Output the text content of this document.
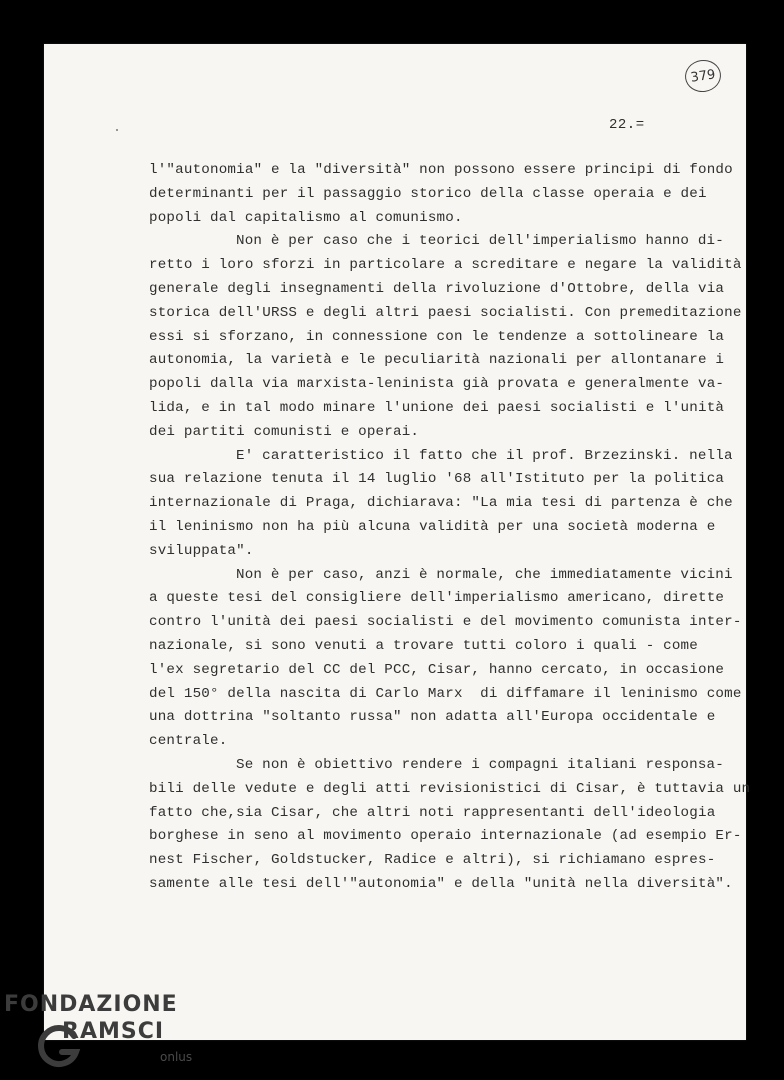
379
22.=
l'"autonomia" e la "diversità" non possono essere principi di fondo
determinanti per il passaggio storico della classe operaia e dei
popoli dal capitalismo al comunismo.
Non è per caso che i teorici dell'imperialismo hanno di-
retto i loro sforzi in particolare a screditare e negare la validità
generale degli insegnamenti della rivoluzione d'Ottobre, della via
storica dell'URSS e degli altri paesi socialisti. Con premeditazione
essi si sforzano, in connessione con le tendenze a sottolineare la
autonomia, la varietà e le peculiarità nazionali per allontanare i
popoli dalla via marxista-leninista già provata e generalmente va-
lida, e in tal modo minare l'unione dei paesi socialisti e l'unità
dei partiti comunisti e operai.
E' caratteristico il fatto che il prof. Brzezinski. nella
sua relazione tenuta il 14 luglio '68 all'Istituto per la politica
internazionale di Praga, dichiarava: "La mia tesi di partenza è che
il leninismo non ha più alcuna validità per una società moderna e
sviluppata".
Non è per caso, anzi è normale, che immediatamente vicini
a queste tesi del consigliere dell'imperialismo americano, dirette
contro l'unità dei paesi socialisti e del movimento comunista inter-
nazionale, si sono venuti a trovare tutti coloro i quali - come
l'ex segretario del CC del PCC, Cisar, hanno cercato, in occasione
del 150° della nascita di Carlo Marx  di diffamare il leninismo come
una dottrina "soltanto russa" non adatta all'Europa occidentale e
centrale.
Se non è obiettivo rendere i compagni italiani responsa-
bili delle vedute e degli atti revisionistici di Cisar, è tuttavia un
fatto che,sia Cisar, che altri noti rappresentanti dell'ideologia
borghese in seno al movimento operaio internazionale (ad esempio Er-
nest Fischer, Goldstucker, Radice e altri), si richiamano espres-
samente alle tesi dell'"autonomia" e della "unità nella diversità".
FONDAZIONE
RAMSCI
onlus
